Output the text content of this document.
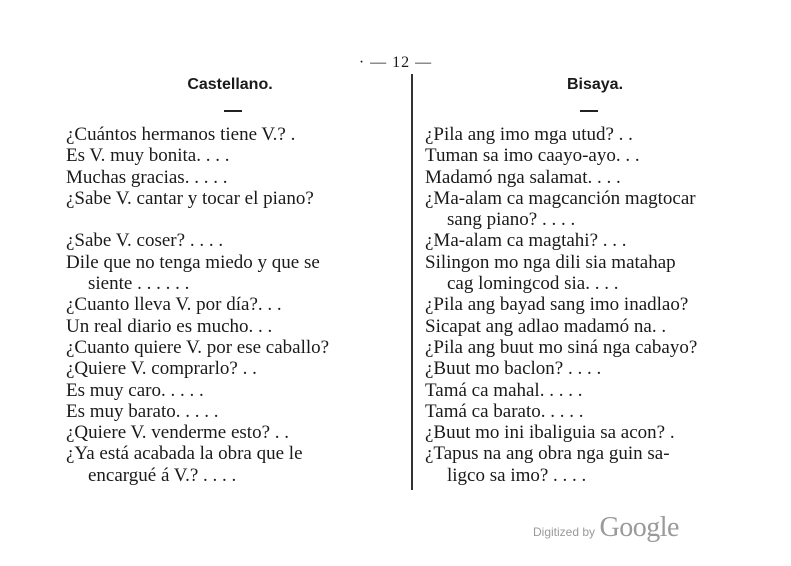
· — 12 —
Castellano.	Bisaya.
¿Cuántos hermanos tiene V.? .
Es V. muy bonita. . . .
Muchas gracias. . . . .
¿Sabe V. cantar y tocar el piano?
¿Sabe V. coser? . . . .
Dile que no tenga miedo y que se
siente . . . . . .
¿Cuanto lleva V. por día?. . .
Un real diario es mucho. . .
¿Cuanto quiere V. por ese caballo?
¿Quiere V. comprarlo? . .
Es muy caro. . . . .
Es muy barato. . . . .
¿Quiere V. venderme esto? . .
¿Ya está acabada la obra que le
encargué á V.? . . . .
¿Pila ang imo mga utud? . .
Tuman sa imo caayo-ayo. . .
Madamó nga salamat. . . .
¿Ma-alam ca magcanción magtocar
sang piano? . . . .
¿Ma-alam ca magtahi? . . .
Silingon mo nga dili sia matahap
cag lomingcod sia. . . .
¿Pila ang bayad sang imo inadlao?
Sicapat ang adlao madamó na. .
¿Pila ang buut mo siná nga cabayo?
¿Buut mo baclon? . . . .
Tamá ca mahal. . . . .
Tamá ca barato. . . . .
¿Buut mo ini ibaliguia sa acon? .
¿Tapus na ang obra nga guin sa-
ligco sa imo? . . . .
Digitized by Google
